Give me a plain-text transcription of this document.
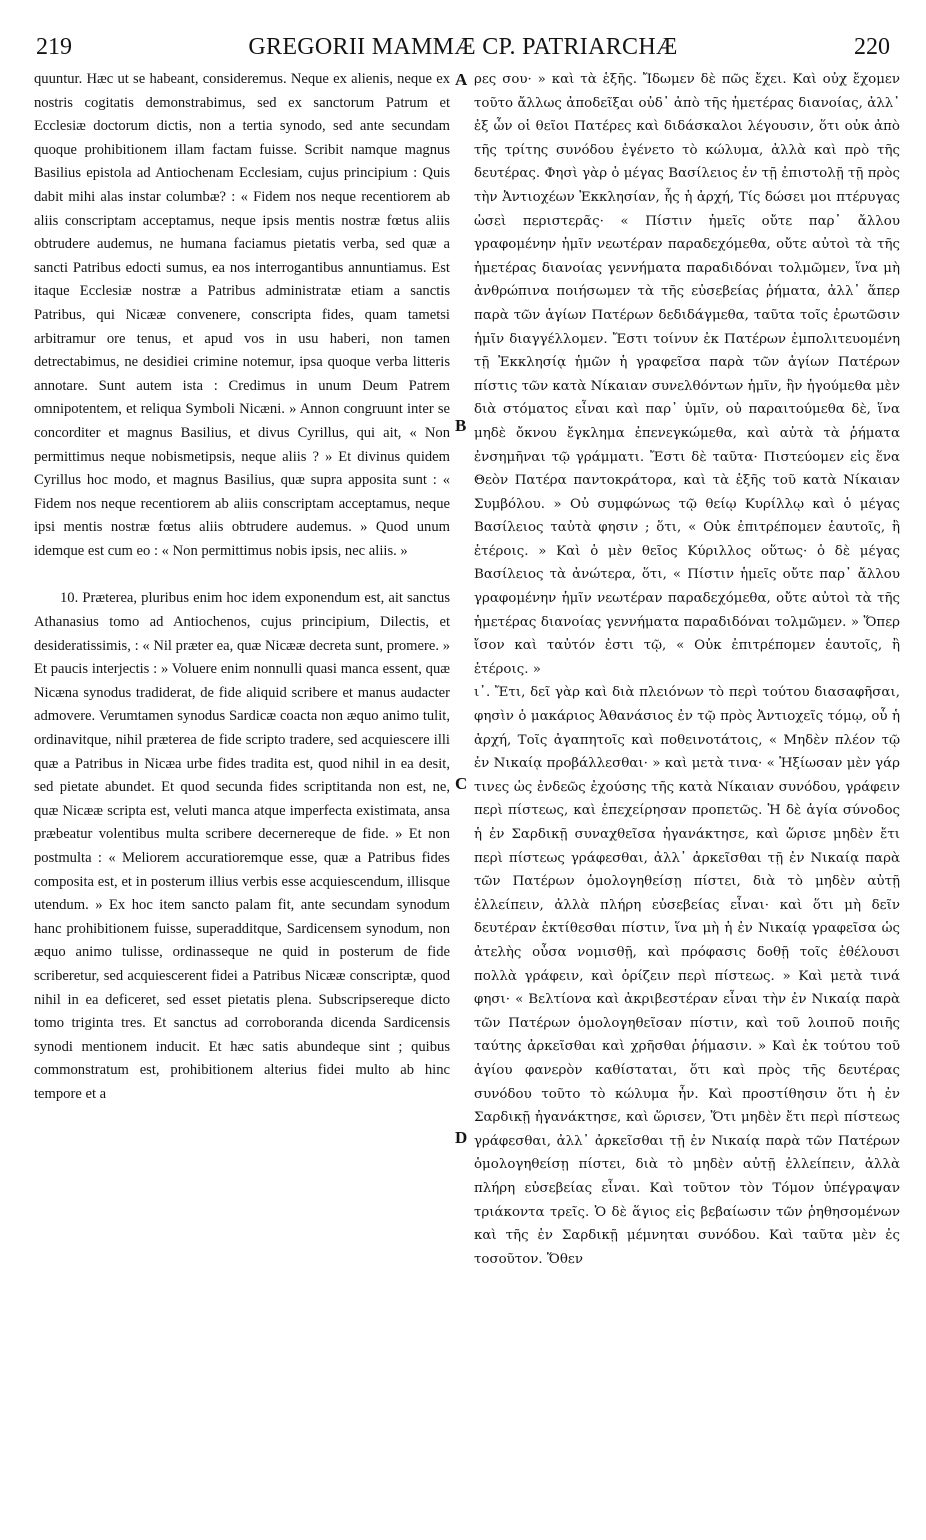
219	GREGORII MAMMÆ CP. PATRIARCHÆ	220
A
B
C
D

quuntur. Hæc ut se habeant, consideremus. Neque ex alienis, neque ex nostris cogitatis demonstrabimus, sed ex sanctorum Patrum et Ecclesiæ doctorum dictis, non a tertia synodo, sed ante secundam quoque prohibitionem illam factam fuisse. Scribit namque magnus Basilius epistola ad Antiochenam Ecclesiam, cujus principium : Quis dabit mihi alas instar columbæ? : « Fidem nos neque recentiorem ab aliis conscriptam acceptamus, neque ipsis mentis nostræ fœtus aliis obtrudere audemus, ne humana faciamus pietatis verba, sed quæ a sancti Patribus edocti sumus, ea nos interrogantibus annuntiamus. Est itaque Ecclesiæ nostræ a Patribus administratæ etiam a sanctis Patribus, qui Nicææ convenere, conscripta fides, quam tametsi arbitramur ore tenus, et apud vos in usu haberi, non tamen detrectabimus, ne desidiei crimine notemur, ipsa quoque verba litteris annotare. Sunt autem ista : Credimus in unum Deum Patrem omnipotentem, et reliqua Symboli Nicæni. » Annon congruunt inter se concorditer et magnus Basilius, et divus Cyrillus, qui ait, « Non permittimus neque nobismetipsis, neque aliis ? » Et divinus quidem Cyrillus hoc modo, et magnus Basilius, quæ supra apposita sunt : « Fidem nos neque recentiorem ab aliis conscriptam acceptamus, neque ipsi mentis nostræ fœtus aliis obtrudere audemus. » Quod unum idemque est cum eo : « Non permittimus nobis ipsis, nec aliis. »

10. Præterea, pluribus enim hoc idem exponendum est, ait sanctus Athanasius tomo ad Antiochenos, cujus principium, Dilectis, et desideratissimis, : « Nil præter ea, quæ Nicææ decreta sunt, promere. » Et paucis interjectis : » Voluere enim nonnulli quasi manca essent, quæ Nicæna synodus tradiderat, de fide aliquid scribere et manus audacter admovere. Verumtamen synodus Sardicæ coacta non æquo animo tulit, ordinavitque, nihil præterea de fide scripto tradere, sed acquiescere illi quæ a Patribus in Nicæa urbe fides tradita est, quod nihil in ea desit, sed pietate abundet. Et quod secunda fides scriptitanda non est, ne, quæ Nicææ scripta est, veluti manca atque imperfecta existimata, ansa præbeatur volentibus multa scribere decernereque de fide. » Et non postmulta : « Meliorem accuratioremque esse, quæ a Patribus fides composita est, et in posterum illius verbis esse acquiescendum, illisque utendum. » Ex hoc item sancto palam fit, ante secundam synodum hanc prohibitionem fuisse, superadditque, Sardicensem synodum, non æquo animo tulisse, ordinasseque ne quid in posterum de fide scriberetur, sed acquiescerent fidei a Patribus Nicææ conscriptæ, quod nihil in ea deficeret, sed esset pietatis plena. Subscripsereque dicto tomo triginta tres. Et sanctus ad corroboranda dicenda Sardicensis synodi mentionem inducit. Et hæc satis abundeque sint ; quibus commonstratum est, prohibitionem alterius fidei multo ab hinc tempore et a

ρες σου· » καὶ τὰ ἑξῆς. Ἴδωμεν δὲ πῶς ἔχει. Καὶ οὐχ ἔχομεν τοῦτο ἄλλως ἀποδεῖξαι οὐδ᾽ ἀπὸ τῆς ἡμετέρας διανοίας, ἀλλ᾽ ἐξ ὧν οἱ θεῖοι Πατέρες καὶ διδάσκαλοι λέγουσιν, ὅτι οὐκ ἀπὸ τῆς τρίτης συνόδου ἐγένετο τὸ κώλυμα, ἀλλὰ καὶ πρὸ τῆς δευτέρας. Φησὶ γὰρ ὁ μέγας Βασίλειος ἐν τῇ ἐπιστολῇ τῇ πρὸς τὴν Ἀντιοχέων Ἐκκλησίαν, ἧς ἡ ἀρχή, Τίς δώσει μοι πτέρυγας ὡσεὶ περιστερᾶς· « Πίστιν ἡμεῖς οὔτε παρ᾽ ἄλλου γραφομένην ἡμῖν νεωτέραν παραδεχόμεθα, οὔτε αὐτοὶ τὰ τῆς ἡμετέρας διανοίας γεννήματα παραδιδόναι τολμῶμεν, ἵνα μὴ ἀνθρώπινα ποιήσωμεν τὰ τῆς εὐσεβείας ῥήματα, ἀλλ᾽ ἅπερ παρὰ τῶν ἁγίων Πατέρων δεδιδάγμεθα, ταῦτα τοῖς ἐρωτῶσιν ἡμῖν διαγγέλλομεν. Ἔστι τοίνυν ἐκ Πατέρων ἐμπολιτευομένη τῇ Ἐκκλησίᾳ ἡμῶν ἡ γραφεῖσα παρὰ τῶν ἁγίων Πατέρων πίστις τῶν κατὰ Νίκαιαν συνελθόντων ἡμῖν, ἣν ἡγούμεθα μὲν διὰ στόματος εἶναι καὶ παρ᾽ ὑμῖν, οὐ παραιτούμεθα δὲ, ἵνα μηδὲ ὄκνου ἔγκλημα ἐπενεγκώμεθα, καὶ αὐτὰ τὰ ῥήματα ἐνσημῆναι τῷ γράμματι. Ἔστι δὲ ταῦτα· Πιστεύομεν εἰς ἕνα Θεὸν Πατέρα παντοκράτορα, καὶ τὰ ἑξῆς τοῦ κατὰ Νίκαιαν Συμβόλου. » Οὐ συμφώνως τῷ θείῳ Κυρίλλῳ καὶ ὁ μέγας Βασίλειος ταὐτὰ φησιν ; ὅτι, « Οὐκ ἐπιτρέπομεν ἑαυτοῖς, ἢ ἑτέροις. » Καὶ ὁ μὲν θεῖος Κύριλλος οὕτως· ὁ δὲ μέγας Βασίλειος τὰ ἀνώτερα, ὅτι, « Πίστιν ἡμεῖς οὔτε παρ᾽ ἄλλου γραφομένην ἡμῖν νεωτέραν παραδεχόμεθα, οὔτε αὐτοὶ τὰ τῆς ἡμετέρας διανοίας γεννήματα παραδιδόναι τολμῶμεν. » Ὅπερ ἴσον καὶ ταὐτόν ἐστι τῷ, « Οὐκ ἐπιτρέπομεν ἑαυτοῖς, ἢ ἑτέροις. »

ι᾽. Ἔτι, δεῖ γὰρ καὶ διὰ πλειόνων τὸ περὶ τούτου διασαφῆσαι, φησὶν ὁ μακάριος Ἀθανάσιος ἐν τῷ πρὸς Ἀντιοχεῖς τόμῳ, οὗ ἡ ἀρχή, Τοῖς ἀγαπητοῖς καὶ ποθεινοτάτοις, « Μηδὲν πλέον τῷ ἐν Νικαίᾳ προβάλλεσθαι· » καὶ μετὰ τινα· « Ἠξίωσαν μὲν γάρ τινες ὡς ἐνδεῶς ἐχούσης τῆς κατὰ Νίκαιαν συνόδου, γράφειν περὶ πίστεως, καὶ ἐπεχείρησαν προπετῶς. Ἡ δὲ ἁγία σύνοδος ἡ ἐν Σαρδικῇ συναχθεῖσα ἠγανάκτησε, καὶ ὥρισε μηδὲν ἔτι περὶ πίστεως γράφεσθαι, ἀλλ᾽ ἀρκεῖσθαι τῇ ἐν Νικαίᾳ παρὰ τῶν Πατέρων ὁμολογηθείσῃ πίστει, διὰ τὸ μηδὲν αὐτῇ ἐλλείπειν, ἀλλὰ πλήρη εὐσεβείας εἶναι· καὶ ὅτι μὴ δεῖν δευτέραν ἐκτίθεσθαι πίστιν, ἵνα μὴ ἡ ἐν Νικαίᾳ γραφεῖσα ὡς ἀτελὴς οὖσα νομισθῇ, καὶ πρόφασις δοθῇ τοῖς ἐθέλουσι πολλὰ γράφειν, καὶ ὁρίζειν περὶ πίστεως. » Καὶ μετὰ τινά φησι· « Βελτίονα καὶ ἀκριβεστέραν εἶναι τὴν ἐν Νικαίᾳ παρὰ τῶν Πατέρων ὁμολογηθεῖσαν πίστιν, καὶ τοῦ λοιποῦ ποιῆς ταύτης ἀρκεῖσθαι καὶ χρῆσθαι ῥήμασιν. » Καὶ ἐκ τούτου τοῦ ἁγίου φανερὸν καθίσταται, ὅτι καὶ πρὸς τῆς δευτέρας συνόδου τοῦτο τὸ κώλυμα ἦν. Καὶ προστίθησιν ὅτι ἡ ἐν Σαρδικῇ ἠγανάκτησε, καὶ ὥρισεν, Ὅτι μηδὲν ἔτι περὶ πίστεως γράφεσθαι, ἀλλ᾽ ἀρκεῖσθαι τῇ ἐν Νικαίᾳ παρὰ τῶν Πατέρων ὁμολογηθείσῃ πίστει, διὰ τὸ μηδὲν αὐτῇ ἐλλείπειν, ἀλλὰ πλήρη εὐσεβείας εἶναι. Καὶ τοῦτον τὸν Τόμον ὑπέγραψαν τριάκοντα τρεῖς. Ὁ δὲ ἅγιος εἰς βεβαίωσιν τῶν ῥηθησομένων καὶ τῆς ἐν Σαρδικῇ μέμνηται συνόδου. Καὶ ταῦτα μὲν ἐς τοσοῦτον. Ὅθεν
